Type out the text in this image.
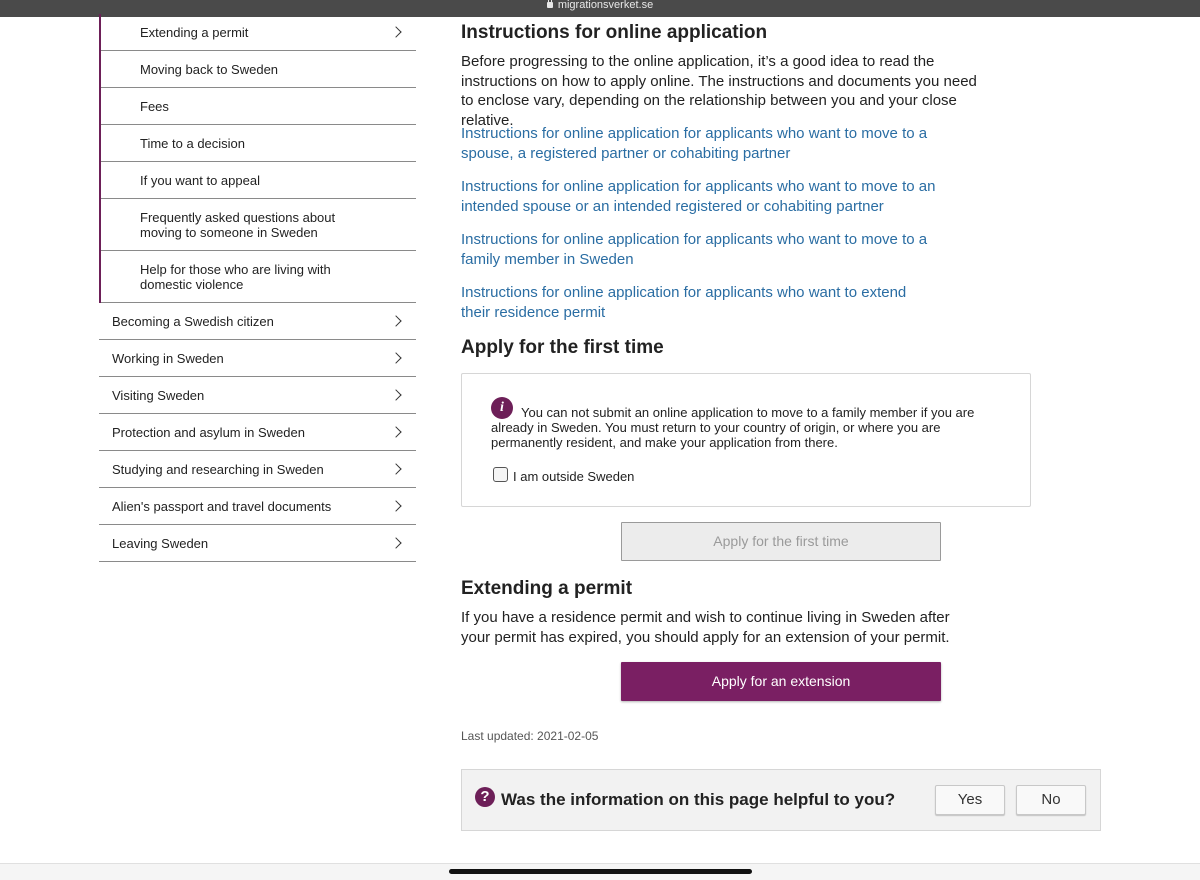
migrationsverket.se
Extending a permit
Moving back to Sweden
Fees
Time to a decision
If you want to appeal
Frequently asked questions about moving to someone in Sweden
Help for those who are living with domestic violence
Becoming a Swedish citizen
Working in Sweden
Visiting Sweden
Protection and asylum in Sweden
Studying and researching in Sweden
Alien's passport and travel documents
Leaving Sweden
Instructions for online application

Before progressing to the online application, it’s a good idea to read the instructions on how to apply online. The instructions and documents you need to enclose vary, depending on the relationship between you and your close relative.

Instructions for online application for applicants who want to move to a spouse, a registered partner or cohabiting partner
Instructions for online application for applicants who want to move to an intended spouse or an intended registered or cohabiting partner
Instructions for online application for applicants who want to move to a family member in Sweden
Instructions for online application for applicants who want to extend their residence permit
Apply for the first time
Extending a permit

If you have a residence permit and wish to continue living in Sweden after your permit has expired, you should apply for an extension of your permit.

i	You can not submit an online application to move to a family member if you are already in Sweden. You must return to your country of origin, or where you are permanently resident, and make your application from there.

I am outside Sweden
Apply for the first time
Apply for an extension
Last updated: 2021-02-05
? Was the information on this page helpful to you?	Yes	No
